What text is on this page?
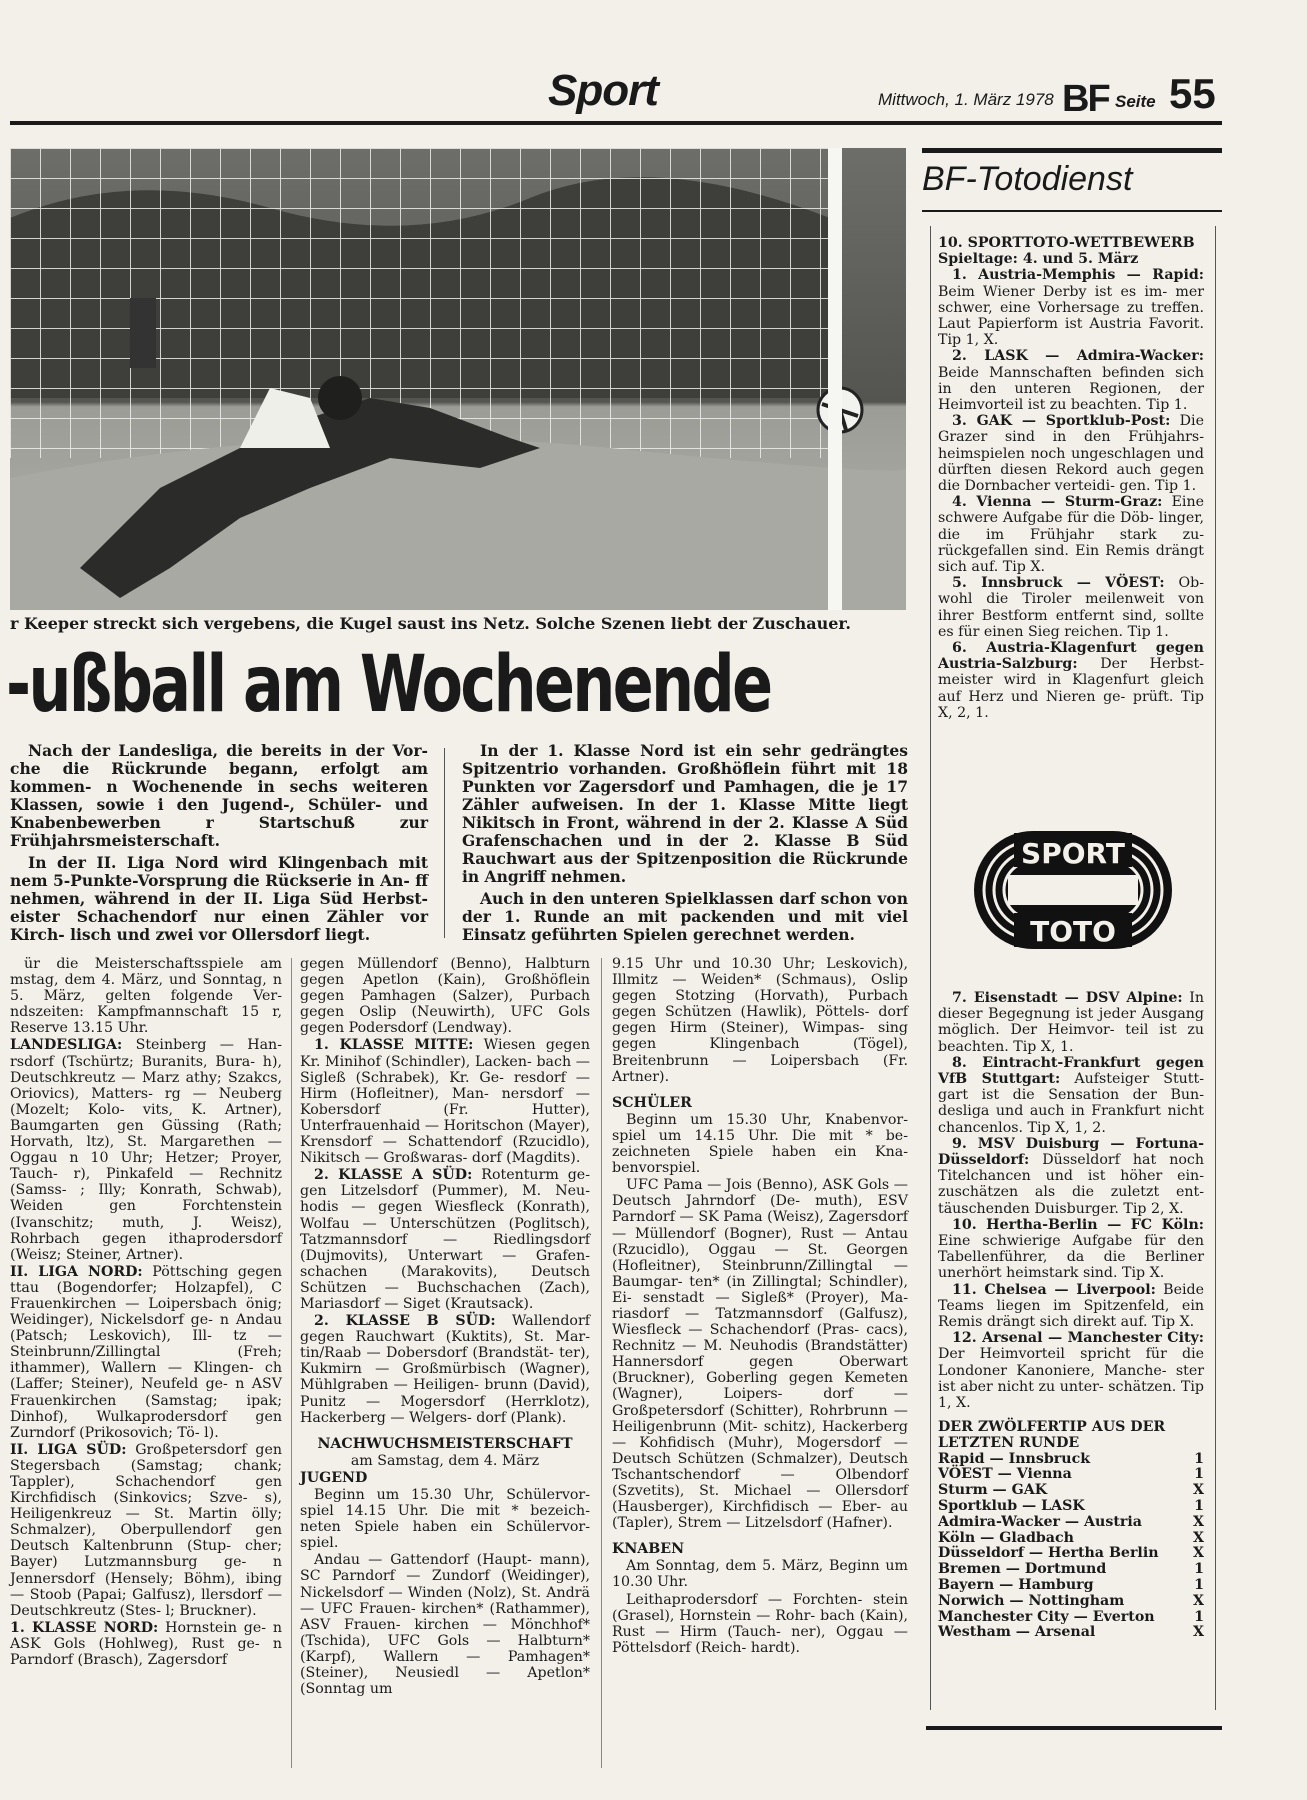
Sport	Mittwoch, 1. März 1978 BF Seite 55
r Keeper streckt sich vergebens, die Kugel saust ins Netz. Solche Szenen liebt der Zuschauer.
-ußball am Wochenende

Nach der Landesliga, die bereits in der Vor- che die Rückrunde begann, erfolgt am kommen- n Wochenende in sechs weiteren Klassen, sowie i den Jugend-, Schüler- und Knabenbewerben r Startschuß zur Frühjahrsmeisterschaft.

In der II. Liga Nord wird Klingenbach mit nem 5-Punkte-Vorsprung die Rückserie in An- ff nehmen, während in der II. Liga Süd Herbst- eister Schachendorf nur einen Zähler vor Kirch- lisch und zwei vor Ollersdorf liegt.

In der 1. Klasse Nord ist ein sehr gedrängtes Spitzentrio vorhanden. Großhöflein führt mit 18 Punkten vor Zagersdorf und Pamhagen, die je 17 Zähler aufweisen. In der 1. Klasse Mitte liegt Nikitsch in Front, während in der 2. Klasse A Süd Grafenschachen und in der 2. Klasse B Süd Rauchwart aus der Spitzenposition die Rückrunde in Angriff nehmen.

Auch in den unteren Spielklassen darf schon von der 1. Runde an mit packenden und mit viel Einsatz geführten Spielen gerechnet werden.

ür die Meisterschaftsspiele am mstag, dem 4. März, und Sonntag, n 5. März, gelten folgende Ver- ndszeiten: Kampfmannschaft 15 r, Reserve 13.15 Uhr.

LANDESLIGA: Steinberg — Han- rsdorf (Tschürtz; Buranits, Bura- h), Deutschkreutz — Marz athy; Szakcs, Oriovics), Matters- rg — Neuberg (Mozelt; Kolo- vits, K. Artner), Baumgarten gen Güssing (Rath; Horvath, ltz), St. Margarethen — Oggau n 10 Uhr; Hetzer; Proyer, Tauch- r), Pinkafeld — Rechnitz (Samss- ; Illy; Konrath, Schwab), Weiden gen Forchtenstein (Ivanschitz; muth, J. Weisz), Rohrbach gegen ithaprodersdorf (Weisz; Steiner, Artner).

II. LIGA NORD: Pöttsching gegen ttau (Bogendorfer; Holzapfel), C Frauenkirchen — Loipersbach önig; Weidinger), Nickelsdorf ge- n Andau (Patsch; Leskovich), Ill- tz — Steinbrunn/Zillingtal (Freh; ithammer), Wallern — Klingen- ch (Laffer; Steiner), Neufeld ge- n ASV Frauenkirchen (Samstag; ipak; Dinhof), Wulkaprodersdorf gen Zurndorf (Prikosovich; Tö- l).

II. LIGA SÜD: Großpetersdorf gen Stegersbach (Samstag; chank; Tappler), Schachendorf gen Kirchfidisch (Sinkovics; Szve- s), Heiligenkreuz — St. Martin ölly; Schmalzer), Oberpullendorf gen Deutsch Kaltenbrunn (Stup- cher; Bayer) Lutzmannsburg ge- n Jennersdorf (Hensely; Böhm), ibing — Stoob (Papai; Galfusz), llersdorf — Deutschkreutz (Stes- l; Bruckner).

1. KLASSE NORD: Hornstein ge- n ASK Gols (Hohlweg), Rust ge- n Parndorf (Brasch), Zagersdorf

gegen Müllendorf (Benno), Halbturn gegen Apetlon (Kain), Großhöflein gegen Pamhagen (Salzer), Purbach gegen Oslip (Neuwirth), UFC Gols gegen Podersdorf (Lendway).

1. KLASSE MITTE: Wiesen gegen Kr. Minihof (Schindler), Lacken- bach — Sigleß (Schrabek), Kr. Ge- resdorf — Hirm (Hofleitner), Man- nersdorf — Kobersdorf (Fr. Hutter), Unterfrauenhaid — Horitschon (Mayer), Krensdorf — Schattendorf (Rzucidlo), Nikitsch — Großwaras- dorf (Magdits).

2. KLASSE A SÜD: Rotenturm ge- gen Litzelsdorf (Pummer), M. Neu- hodis — gegen Wiesfleck (Konrath), Wolfau — Unterschützen (Poglitsch), Tatzmannsdorf — Riedlingsdorf (Dujmovits), Unterwart — Grafen- schachen (Marakovits), Deutsch Schützen — Buchschachen (Zach), Mariasdorf — Siget (Krautsack).

2. KLASSE B SÜD: Wallendorf gegen Rauchwart (Kuktits), St. Mar- tin/Raab — Dobersdorf (Brandstät- ter), Kukmirn — Großmürbisch (Wagner), Mühlgraben — Heiligen- brunn (David), Punitz — Mogersdorf (Herrklotz), Hackerberg — Welgers- dorf (Plank).

NACHWUCHSMEISTERSCHAFT

am Samstag, dem 4. März

JUGEND

Beginn um 15.30 Uhr, Schülervor- spiel 14.15 Uhr. Die mit * bezeich- neten Spiele haben ein Schülervor- spiel.

Andau — Gattendorf (Haupt- mann), SC Parndorf — Zundorf (Weidinger), Nickelsdorf — Winden (Nolz), St. Andrä — UFC Frauen- kirchen* (Rathammer), ASV Frauen- kirchen — Mönchhof* (Tschida), UFC Gols — Halbturn* (Karpf), Wallern — Pamhagen* (Steiner), Neusiedl — Apetlon* (Sonntag um

9.15 Uhr und 10.30 Uhr; Leskovich), Illmitz — Weiden* (Schmaus), Oslip gegen Stotzing (Horvath), Purbach gegen Schützen (Hawlik), Pöttels- dorf gegen Hirm (Steiner), Wimpas- sing gegen Klingenbach (Tögel), Breitenbrunn — Loipersbach (Fr. Artner).

SCHÜLER

Beginn um 15.30 Uhr, Knabenvor- spiel um 14.15 Uhr. Die mit * be- zeichneten Spiele haben ein Kna- benvorspiel.

UFC Pama — Jois (Benno), ASK Gols — Deutsch Jahrndorf (De- muth), ESV Parndorf — SK Pama (Weisz), Zagersdorf — Müllendorf (Bogner), Rust — Antau (Rzucidlo), Oggau — St. Georgen (Hofleitner), Steinbrunn/Zillingtal — Baumgar- ten* (in Zillingtal; Schindler), Ei- senstadt — Sigleß* (Proyer), Ma- riasdorf — Tatzmannsdorf (Galfusz), Wiesfleck — Schachendorf (Pras- cacs), Rechnitz — M. Neuhodis (Brandstätter) Hannersdorf gegen Oberwart (Bruckner), Goberling gegen Kemeten (Wagner), Loipers- dorf — Großpetersdorf (Schitter), Rohrbrunn — Heiligenbrunn (Mit- schitz), Hackerberg — Kohfidisch (Muhr), Mogersdorf — Deutsch Schützen (Schmalzer), Deutsch Tschantschendorf — Olbendorf (Szvetits), St. Michael — Ollersdorf (Hausberger), Kirchfidisch — Eber- au (Tapler), Strem — Litzelsdorf (Hafner).

KNABEN

Am Sonntag, dem 5. März, Beginn um 10.30 Uhr.

Leithaprodersdorf — Forchten- stein (Grasel), Hornstein — Rohr- bach (Kain), Rust — Hirm (Tauch- ner), Oggau — Pöttelsdorf (Reich- hardt).

BF-Totodienst

10. SPORTTOTO-WETTBEWERB

Spieltage: 4. und 5. März

1. Austria-Memphis — Rapid: Beim Wiener Derby ist es im- mer schwer, eine Vorhersage zu treffen. Laut Papierform ist Austria Favorit. Tip 1, X.

2. LASK — Admira-Wacker: Beide Mannschaften befinden sich in den unteren Regionen, der Heimvorteil ist zu beachten. Tip 1.

3. GAK — Sportklub-Post: Die Grazer sind in den Frühjahrs- heimspielen noch ungeschlagen und dürften diesen Rekord auch gegen die Dornbacher verteidi- gen. Tip 1.

4. Vienna — Sturm-Graz: Eine schwere Aufgabe für die Döb- linger, die im Frühjahr stark zu- rückgefallen sind. Ein Remis drängt sich auf. Tip X.

5. Innsbruck — VÖEST: Ob- wohl die Tiroler meilenweit von ihrer Bestform entfernt sind, sollte es für einen Sieg reichen. Tip 1.

6. Austria-Klagenfurt gegen Austria-Salzburg: Der Herbst- meister wird in Klagenfurt gleich auf Herz und Nieren ge- prüft. Tip X, 2, 1.

SPORT
TOTO

7. Eisenstadt — DSV Alpine: In dieser Begegnung ist jeder Ausgang möglich. Der Heimvor- teil ist zu beachten. Tip X, 1.

8. Eintracht-Frankfurt gegen VfB Stuttgart: Aufsteiger Stutt- gart ist die Sensation der Bun- desliga und auch in Frankfurt nicht chancenlos. Tip X, 1, 2.

9. MSV Duisburg — Fortuna- Düsseldorf: Düsseldorf hat noch Titelchancen und ist höher ein- zuschätzen als die zuletzt ent- täuschenden Duisburger. Tip 2, X.

10. Hertha-Berlin — FC Köln: Eine schwierige Aufgabe für den Tabellenführer, da die Berliner unerhört heimstark sind. Tip X.

11. Chelsea — Liverpool: Beide Teams liegen im Spitzenfeld, ein Remis drängt sich direkt auf. Tip X.

12. Arsenal — Manchester City: Der Heimvorteil spricht für die Londoner Kanoniere, Manche- ster ist aber nicht zu unter- schätzen. Tip 1, X.

DER ZWÖLFERTIP AUS DER LETZTEN RUNDE

Rapid — Innsbruck	1
VÖEST — Vienna	1
Sturm — GAK	X
Sportklub — LASK	1
Admira-Wacker — Austria	X
Köln — Gladbach	X
Düsseldorf — Hertha Berlin	X
Bremen — Dortmund	1
Bayern — Hamburg	1
Norwich — Nottingham	X
Manchester City — Everton	1
Westham — Arsenal	X
